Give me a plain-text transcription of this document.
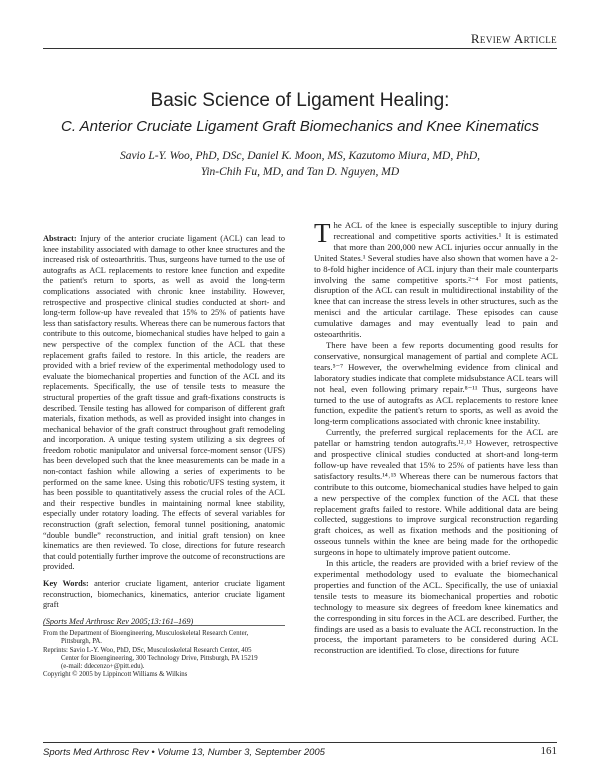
Review Article
Basic Science of Ligament Healing:
C. Anterior Cruciate Ligament Graft Biomechanics and Knee Kinematics
Savio L-Y. Woo, PhD, DSc, Daniel K. Moon, MS, Kazutomo Miura, MD, PhD,
Yin-Chih Fu, MD, and Tan D. Nguyen, MD

Abstract: Injury of the anterior cruciate ligament (ACL) can lead to knee instability associated with damage to other knee structures and the increased risk of osteoarthritis. Thus, surgeons have turned to the use of autografts as ACL replacements to restore knee function and expedite the patient's return to sports, as well as avoid the long-term complications associated with chronic knee instability. However, retrospective and prospective clinical studies conducted at short- and long-term follow-up have revealed that 15% to 25% of patients have less than satisfactory results. Whereas there can be numerous factors that contribute to this outcome, biomechanical studies have helped to gain a new perspective of the complex function of the ACL that these replacement grafts failed to restore. In this article, the readers are provided with a brief review of the experimental methodology used to evaluate the biomechanical properties and function of the ACL and its replacements. Specifically, the use of tensile tests to measure the structural properties of the graft tissue and graft-fixations constructs is described. Tensile testing has allowed for comparison of different graft materials, fixation methods, as well as provided insight into changes in mechanical behavior of the graft construct throughout graft remodeling and incorporation. A unique testing system utilizing a six degrees of freedom robotic manipulator and universal force-moment sensor (UFS) has been developed such that the knee measurements can be made in a non-contact fashion while allowing a series of experiments to be performed on the same knee. Using this robotic/UFS testing system, it has been possible to quantitatively assess the crucial roles of the ACL and their respective bundles in maintaining normal knee stability, especially under rotatory loading. The effects of several variables for reconstruction (graft selection, femoral tunnel positioning, anatomic “double bundle” reconstruction, and initial graft tension) on knee kinematics are then reviewed. To close, directions for future research that could potentially further improve the outcome of reconstructions are provided.

Key Words: anterior cruciate ligament, anterior cruciate ligament reconstruction, biomechanics, kinematics, anterior cruciate ligament graft

(Sports Med Arthrosc Rev 2005;13:161–169)

From the Department of Bioengineering, Musculoskeletal Research Center,

Pittsburgh, PA.

Reprints: Savio L-Y. Woo, PhD, DSc, Musculoskeletal Research Center, 405

Center for Bioengineering, 300 Technology Drive, Pittsburgh, PA 15219

(e-mail: ddecenzo+@pitt.edu).

Copyright © 2005 by Lippincott Williams & Wilkins

The ACL of the knee is especially susceptible to injury during recreational and competitive sports activities.¹ It is estimated that more than 200,000 new ACL injuries occur annually in the United States.¹ Several studies have also shown that women have a 2- to 8-fold higher incidence of ACL injury than their male counterparts involving the same competitive sports.²⁻⁴ For most patients, disruption of the ACL can result in multidirectional instability of the knee that can increase the stress levels in other structures, such as the menisci and the articular cartilage. These episodes can cause cumulative damages and may eventually lead to pain and osteoarthritis.

There have been a few reports documenting good results for conservative, nonsurgical management of partial and complete ACL tears.⁵⁻⁷ However, the overwhelming evidence from clinical and laboratory studies indicate that complete midsubstance ACL tears will not heal, even following primary repair.⁸⁻¹¹ Thus, surgeons have turned to the use of autografts as ACL replacements to restore knee function, expedite the patient's return to sports, as well as avoid the long-term complications associated with chronic knee instability.

Currently, the preferred surgical replacements for the ACL are patellar or hamstring tendon autografts.¹²˒¹³ However, retrospective and prospective clinical studies conducted at short-and long-term follow-up have revealed that 15% to 25% of patients have less than satisfactory results.¹⁴˒¹⁵ Whereas there can be numerous factors that contribute to this outcome, biomechanical studies have helped to gain a new perspective of the complex function of the ACL that these replacement grafts failed to restore. While additional data are being collected, suggestions to improve surgical reconstruction regarding graft choices, as well as fixation methods and the positioning of osseous tunnels within the knee are being made for the orthopedic surgeons in hope to ultimately improve patient outcome.

In this article, the readers are provided with a brief review of the experimental methodology used to evaluate the biomechanical properties and function of the ACL. Specifically, the use of uniaxial tensile tests to measure its biomechanical properties and robotic technology to measure six degrees of freedom knee kinematics and the corresponding in situ forces in the ACL are described. Further, the findings are used as a basis to evaluate the ACL reconstruction. In the process, the important parameters to be considered during ACL reconstruction are identified. To close, directions for future

Sports Med Arthrosc Rev • Volume 13, Number 3, September 2005	161
